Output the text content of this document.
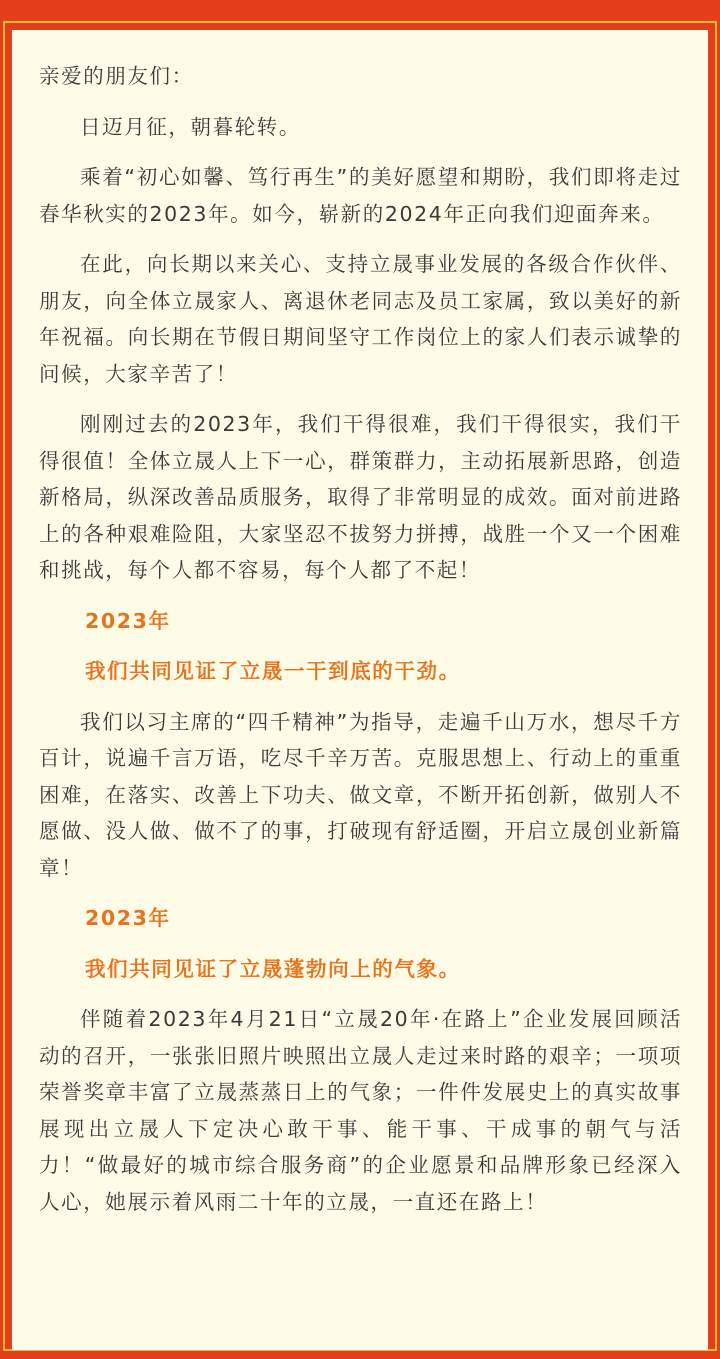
亲爱的朋友们：
日迈月征，朝暮轮转。
乘着“初心如馨、笃行再生”的美好愿望和期盼，我们即将走过春华秋实的2023年。如今，崭新的2024年正向我们迎面奔来。
在此，向长期以来关心、支持立晟事业发展的各级合作伙伴、朋友，向全体立晟家人、离退休老同志及员工家属，致以美好的新年祝福。向长期在节假日期间坚守工作岗位上的家人们表示诚挚的问候，大家辛苦了！
刚刚过去的2023年，我们干得很难，我们干得很实，我们干得很值！全体立晟人上下一心，群策群力，主动拓展新思路，创造新格局，纵深改善品质服务，取得了非常明显的成效。面对前进路上的各种艰难险阻，大家坚忍不拔努力拼搏，战胜一个又一个困难和挑战，每个人都不容易，每个人都了不起！
2023年
我们共同见证了立晟一干到底的干劲。
我们以习主席的“四千精神”为指导，走遍千山万水，想尽千方百计，说遍千言万语，吃尽千辛万苦。克服思想上、行动上的重重困难，在落实、改善上下功夫、做文章，不断开拓创新，做别人不愿做、没人做、做不了的事，打破现有舒适圈，开启立晟创业新篇章！
2023年
我们共同见证了立晟蓬勃向上的气象。
伴随着2023年4月21日“立晟20年·在路上”企业发展回顾活动的召开，一张张旧照片映照出立晟人走过来时路的艰辛；一项项荣誉奖章丰富了立晟蒸蒸日上的气象；一件件发展史上的真实故事展现出立晟人下定决心敢干事、能干事、干成事的朝气与活力！“做最好的城市综合服务商”的企业愿景和品牌形象已经深入人心，她展示着风雨二十年的立晟，一直还在路上！
